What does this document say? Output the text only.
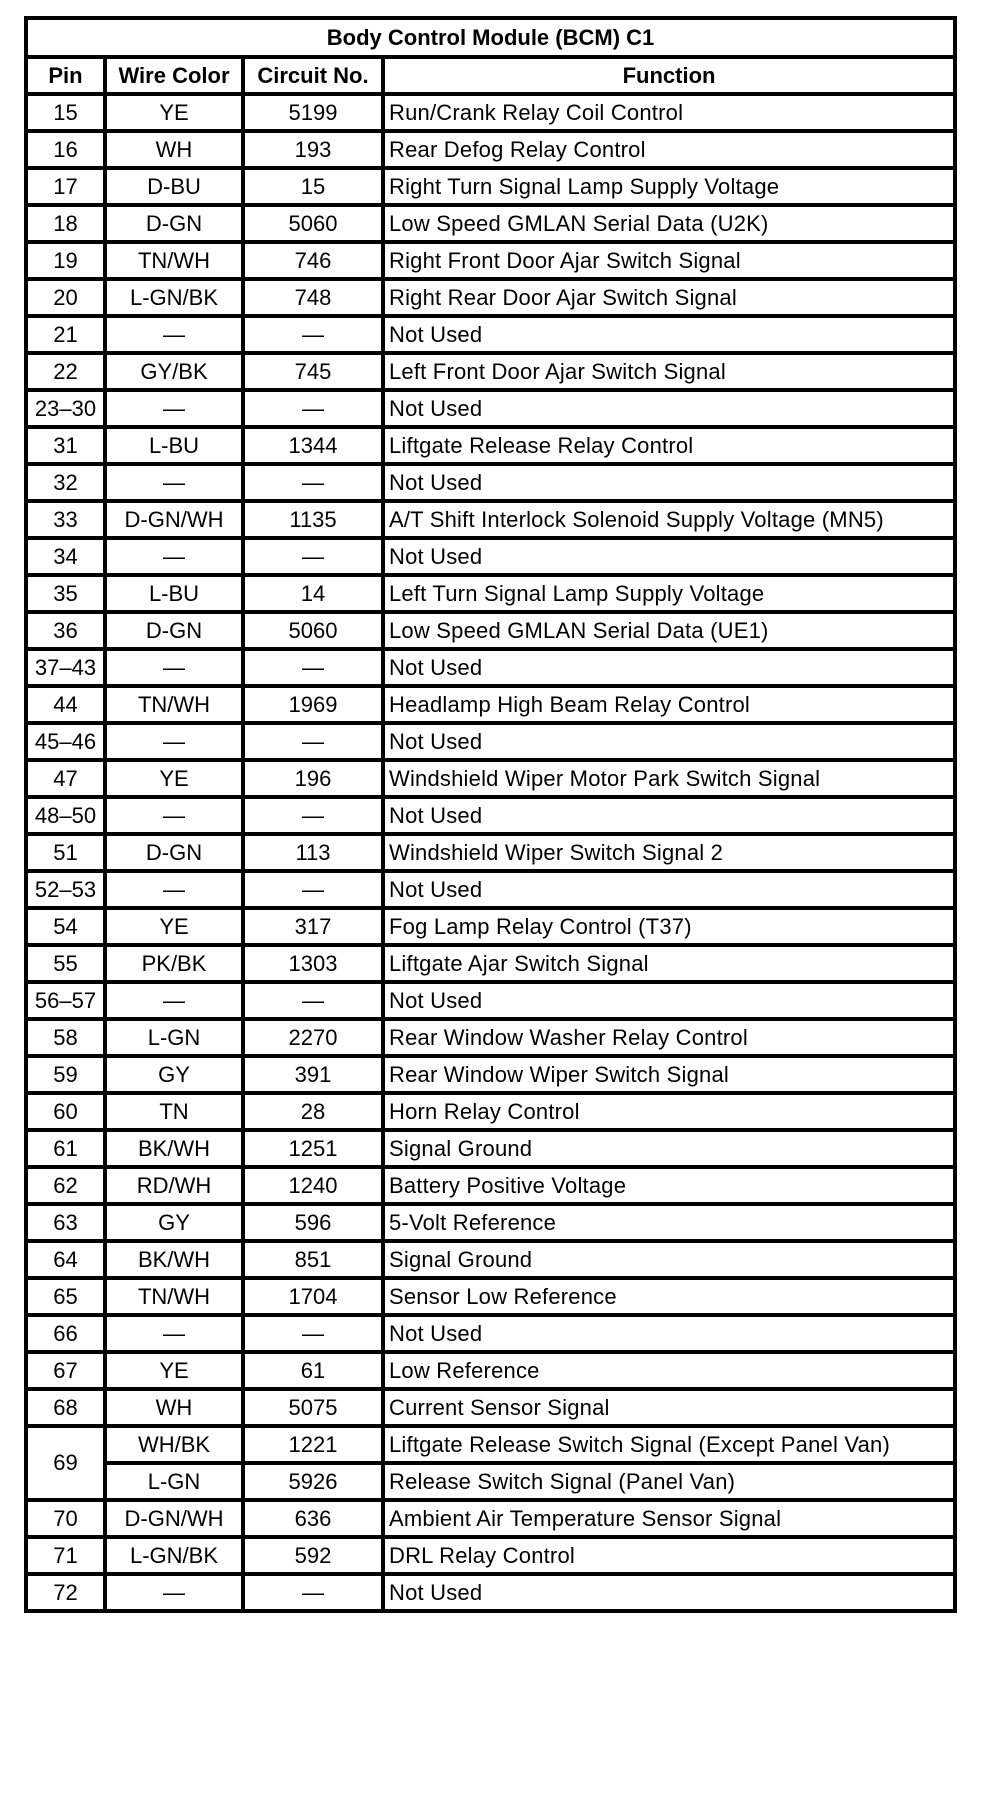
Body Control Module (BCM) C1			
Pin	Wire Color	Circuit No.	Function
15	YE	5199	Run/Crank Relay Coil Control
16	WH	193	Rear Defog Relay Control
17	D-BU	15	Right Turn Signal Lamp Supply Voltage
18	D-GN	5060	Low Speed GMLAN Serial Data (U2K)
19	TN/WH	746	Right Front Door Ajar Switch Signal
20	L-GN/BK	748	Right Rear Door Ajar Switch Signal
21	—	—	Not Used
22	GY/BK	745	Left Front Door Ajar Switch Signal
23–30	—	—	Not Used
31	L-BU	1344	Liftgate Release Relay Control
32	—	—	Not Used
33	D-GN/WH	1135	A/T Shift Interlock Solenoid Supply Voltage (MN5)
34	—	—	Not Used
35	L-BU	14	Left Turn Signal Lamp Supply Voltage
36	D-GN	5060	Low Speed GMLAN Serial Data (UE1)
37–43	—	—	Not Used
44	TN/WH	1969	Headlamp High Beam Relay Control
45–46	—	—	Not Used
47	YE	196	Windshield Wiper Motor Park Switch Signal
48–50	—	—	Not Used
51	D-GN	113	Windshield Wiper Switch Signal 2
52–53	—	—	Not Used
54	YE	317	Fog Lamp Relay Control (T37)
55	PK/BK	1303	Liftgate Ajar Switch Signal
56–57	—	—	Not Used
58	L-GN	2270	Rear Window Washer Relay Control
59	GY	391	Rear Window Wiper Switch Signal
60	TN	28	Horn Relay Control
61	BK/WH	1251	Signal Ground
62	RD/WH	1240	Battery Positive Voltage
63	GY	596	5-Volt Reference
64	BK/WH	851	Signal Ground
65	TN/WH	1704	Sensor Low Reference
66	—	—	Not Used
67	YE	61	Low Reference
68	WH	5075	Current Sensor Signal
69	WH/BK	1221	Liftgate Release Switch Signal (Except Panel Van)
	L-GN	5926	Release Switch Signal (Panel Van)
70	D-GN/WH	636	Ambient Air Temperature Sensor Signal
71	L-GN/BK	592	DRL Relay Control
72	—	—	Not Used
